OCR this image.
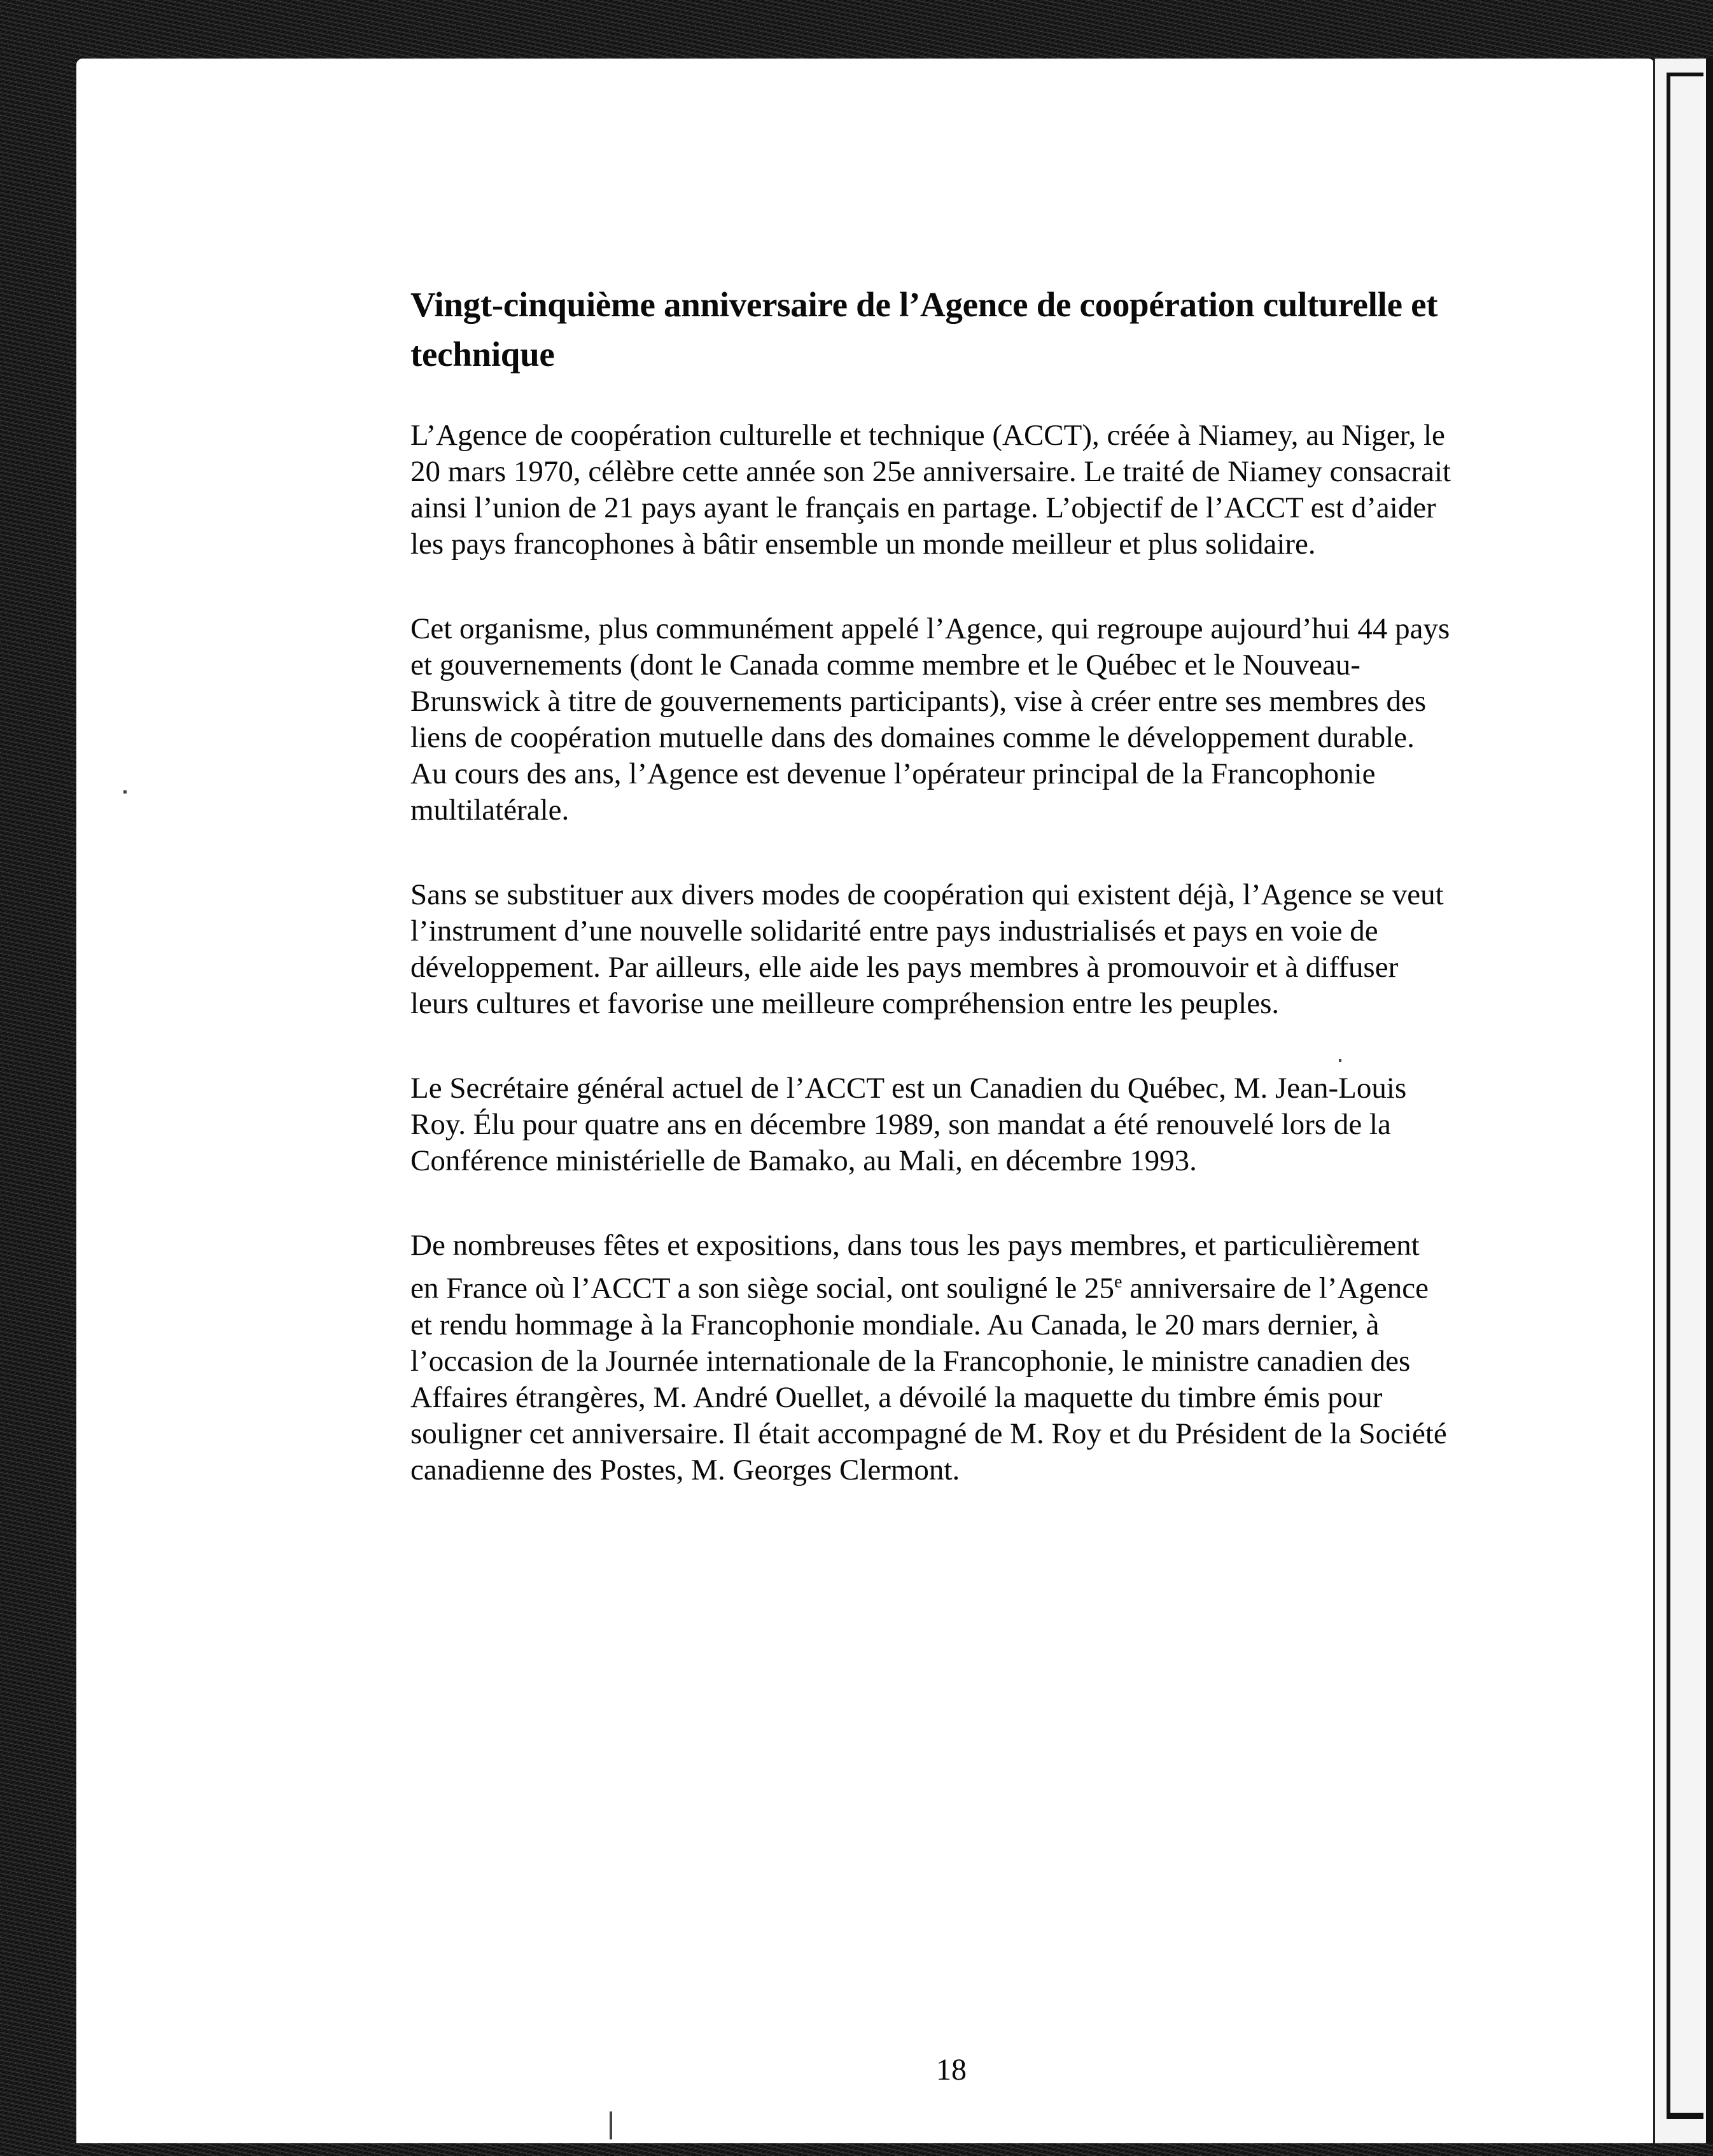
Vingt-cinquième anniversaire de l’Agence de coopération culturelle et technique

L’Agence de coopération culturelle et technique (ACCT), créée à Niamey, au Niger, le 20 mars 1970, célèbre cette année son 25e anniversaire. Le traité de Niamey consacrait ainsi l’union de 21 pays ayant le français en partage. L’objectif de l’ACCT est d’aider les pays francophones à bâtir ensemble un monde meilleur et plus solidaire.

Cet organisme, plus communément appelé l’Agence, qui regroupe aujourd’hui 44 pays et gouvernements (dont le Canada comme membre et le Québec et le Nouveau-Brunswick à titre de gouvernements participants), vise à créer entre ses membres des liens de coopération mutuelle dans des domaines comme le développement durable. Au cours des ans, l’Agence est devenue l’opérateur principal de la Francophonie multilatérale.

Sans se substituer aux divers modes de coopération qui existent déjà, l’Agence se veut l’instrument d’une nouvelle solidarité entre pays industrialisés et pays en voie de développement. Par ailleurs, elle aide les pays membres à promouvoir et à diffuser leurs cultures et favorise une meilleure compréhension entre les peuples.

Le Secrétaire général actuel de l’ACCT est un Canadien du Québec, M. Jean-Louis Roy. Élu pour quatre ans en décembre 1989, son mandat a été renouvelé lors de la Conférence ministérielle de Bamako, au Mali, en décembre 1993.

De nombreuses fêtes et expositions, dans tous les pays membres, et particulièrement en France où l’ACCT a son siège social, ont souligné le 25e anniversaire de l’Agence et rendu hommage à la Francophonie mondiale. Au Canada, le 20 mars dernier, à l’occasion de la Journée internationale de la Francophonie, le ministre canadien des Affaires étrangères, M. André Ouellet, a dévoilé la maquette du timbre émis pour souligner cet anniversaire. Il était accompagné de M. Roy et du Président de la Société canadienne des Postes, M. Georges Clermont.

18
